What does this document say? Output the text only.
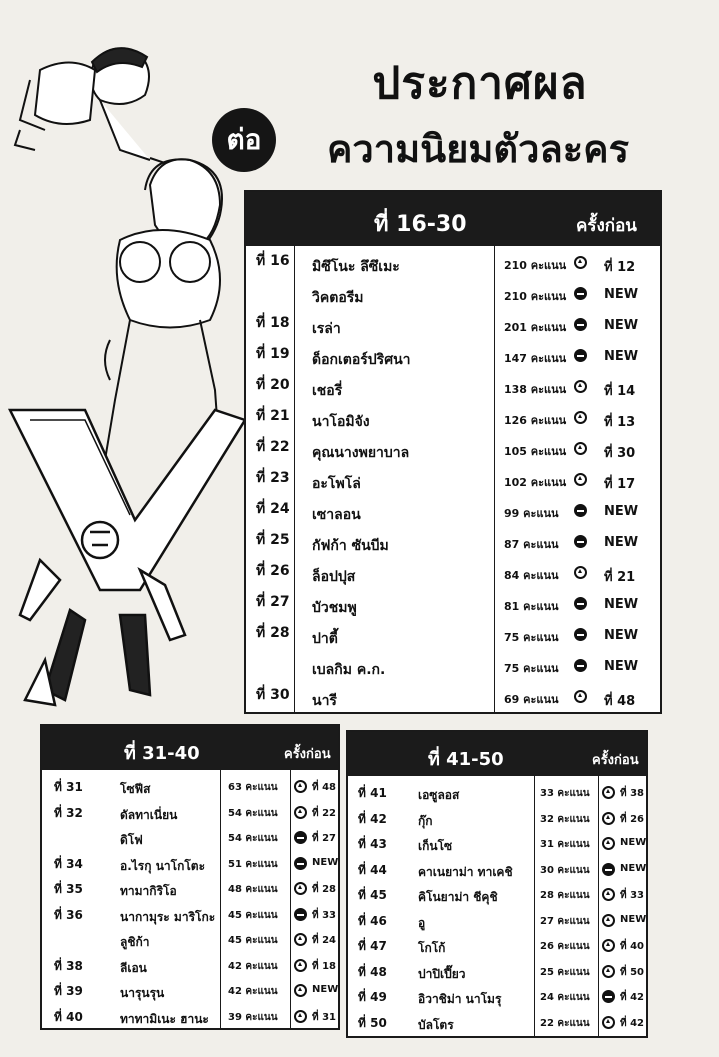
ประกาศผล
ต่อ	ความนิยมตัวละคร
ที่ 16-30	ครั้งก่อน
ที่ 16 มิซึโนะ ลึซึเมะ	210 คะแนน	ที่ 12
วิคตอรีม	210 คะแนน	NEW
ที่ 18 เรล่า	201 คะแนน	NEW
ที่ 19 ด็อกเตอร์ปริศนา	147 คะแนน	NEW
ที่ 20 เชอรี่	138 คะแนน	ที่ 14
ที่ 21 นาโอมิจัง	126 คะแนน	ที่ 13
ที่ 22 คุณนางพยาบาล	105 คะแนน	ที่ 30
ที่ 23 อะโพโล่	102 คะแนน	ที่ 17
ที่ 24 เซาลอน	99 คะแนน	NEW
ที่ 25 กัฟก้า ซันบีม	87 คะแนน	NEW
ที่ 26 ล็อปปุส	84 คะแนน	ที่ 21
ที่ 27 บัวชมพู	81 คะแนน	NEW
ที่ 28 ปาตี้	75 คะแนน	NEW
เบลกิม ค.ก.	75 คะแนน	NEW
ที่ 30 นารี	69 คะแนน	ที่ 48
ที่ 31-40	ครั้งก่อน
ที่ 31	โซฟีส	63 คะแนน	ที่ 48
ที่ 32	ดัลทาเนี่ยน	54 คะแนน	ที่ 22
ดิโฟ	54 คะแนน	ที่ 27
ที่ 34	อ.ไรกุ นาโกโตะ 51 คะแนน	NEW
ที่ 35	ทามากิริโอ	48 คะแนน	ที่ 28
ที่ 36	นากามุระ มาริโกะ 45 คะแนน	ที่ 33
ลูชิก้า	45 คะแนน	ที่ 24
ที่ 38	ลีเอน	42 คะแนน	ที่ 18
ที่ 39	นารุนรุน	42 คะแนน	NEW
ที่ 40	ทาทามิเนะ ฮานะ 39 คะแนน	ที่ 31
ที่ 41-50	ครั้งก่อน
ที่ 41	เอซูลอส	33 คะแนน	ที่ 38
ที่ 42	กุ๊ก	32 คะแนน	ที่ 26
ที่ 43	เก็นโซ	31 คะแนน	NEW
ที่ 44	คาเนยาม่า ทาเคชิ	30 คะแนน	NEW
ที่ 45	คิโนยาม่า ชีคุชิ	28 คะแนน	ที่ 33
ที่ 46	อู	27 คะแนน	NEW
ที่ 47	โกโก้	26 คะแนน	ที่ 40
ที่ 48	ปาปิเปี๊ยว	25 คะแนน	ที่ 50
ที่ 49	อิวาชิม่า นาโมรุ	24 คะแนน	ที่ 42
ที่ 50	บัลโตร	22 คะแนน	ที่ 42
